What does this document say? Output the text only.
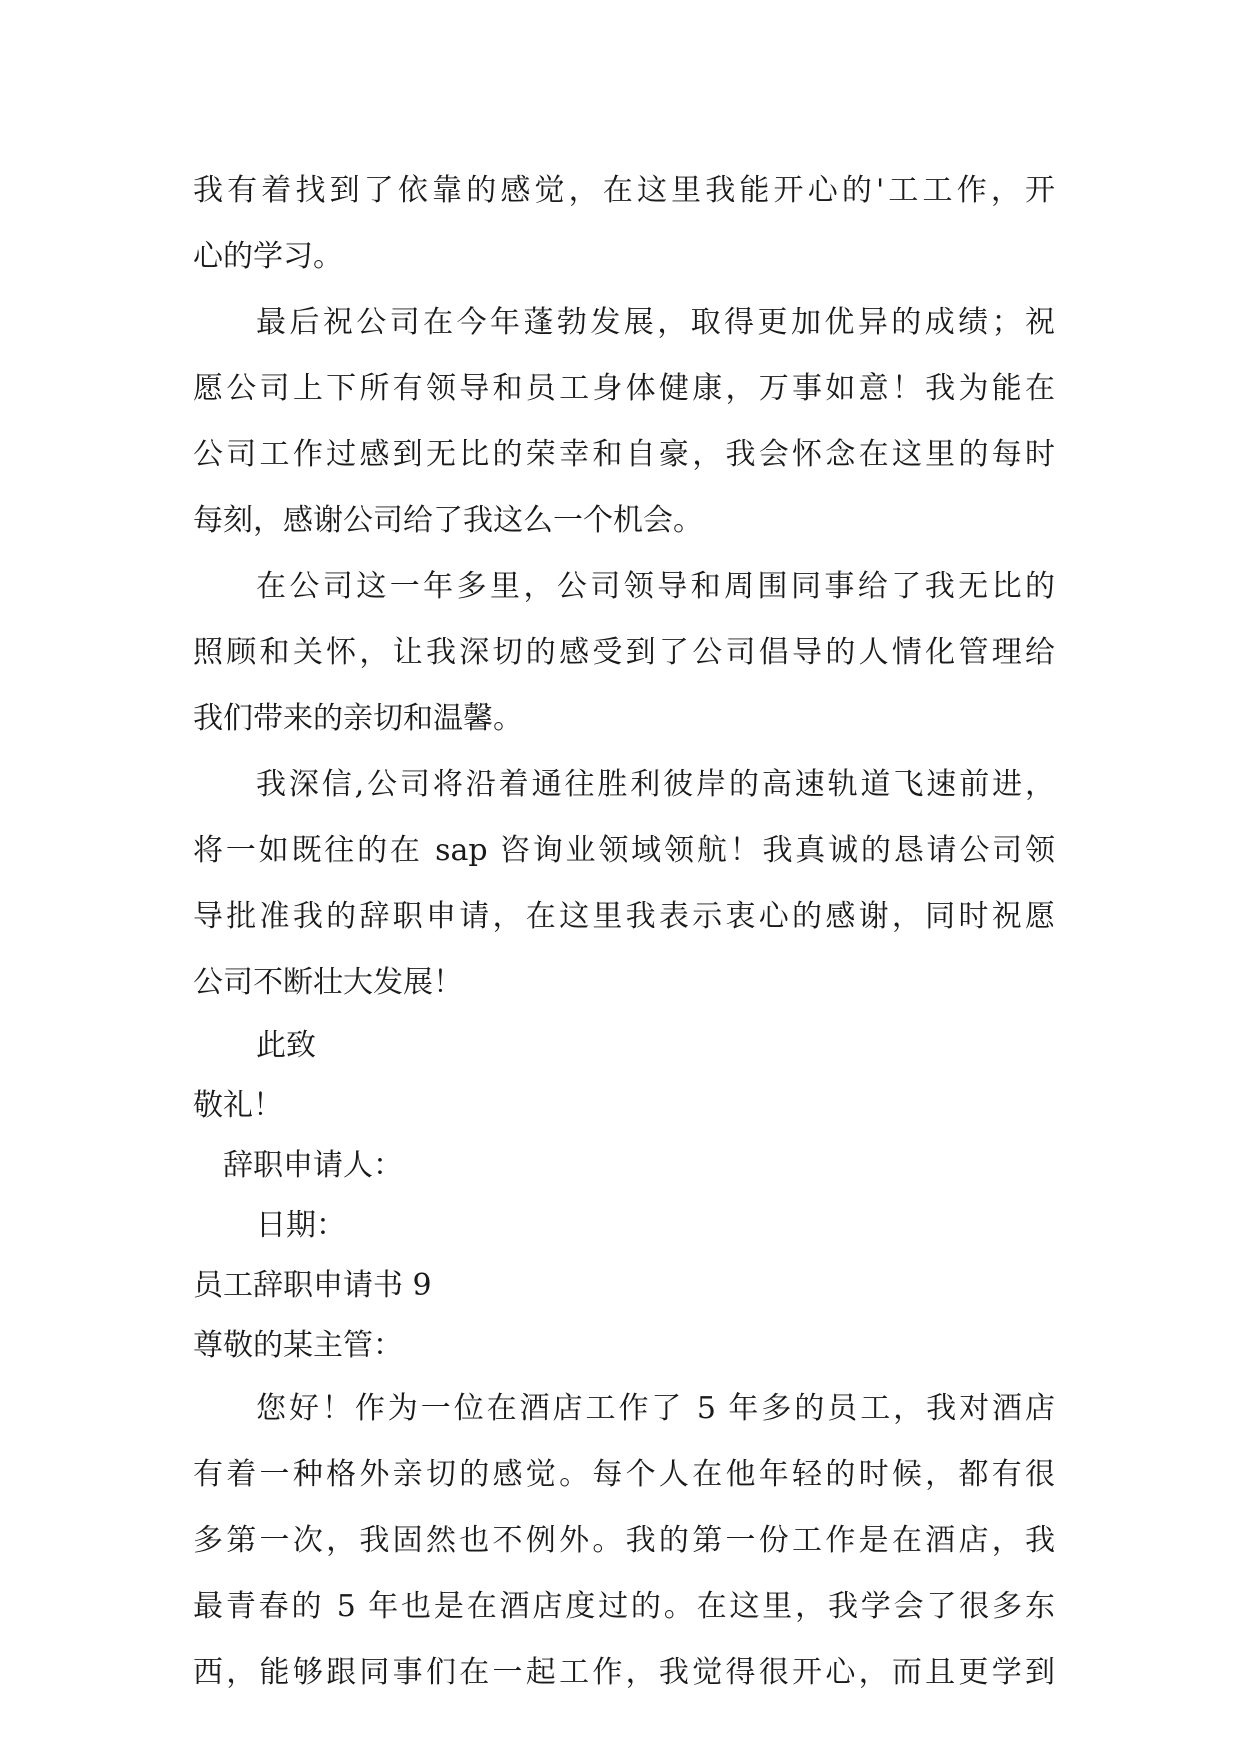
我有着找到了依靠的感觉，在这里我能开心的'工工作，开
心的学习。
最后祝公司在今年蓬勃发展，取得更加优异的成绩；祝
愿公司上下所有领导和员工身体健康，万事如意！我为能在
公司工作过感到无比的荣幸和自豪，我会怀念在这里的每时
每刻，感谢公司给了我这么一个机会。
在公司这一年多里，公司领导和周围同事给了我无比的
照顾和关怀，让我深切的感受到了公司倡导的人情化管理给
我们带来的亲切和温馨。
我深信,公司将沿着通往胜利彼岸的高速轨道飞速前进，
将一如既往的在 sap 咨询业领域领航！我真诚的恳请公司领
导批准我的辞职申请，在这里我表示衷心的感谢，同时祝愿
公司不断壮大发展！
此致
敬礼！
辞职申请人：
日期：
员工辞职申请书 9
尊敬的某主管：
您好！作为一位在酒店工作了 5 年多的员工，我对酒店
有着一种格外亲切的感觉。每个人在他年轻的时候，都有很
多第一次，我固然也不例外。我的第一份工作是在酒店，我
最青春的 5 年也是在酒店度过的。在这里，我学会了很多东
西，能够跟同事们在一起工作，我觉得很开心，而且更学到
